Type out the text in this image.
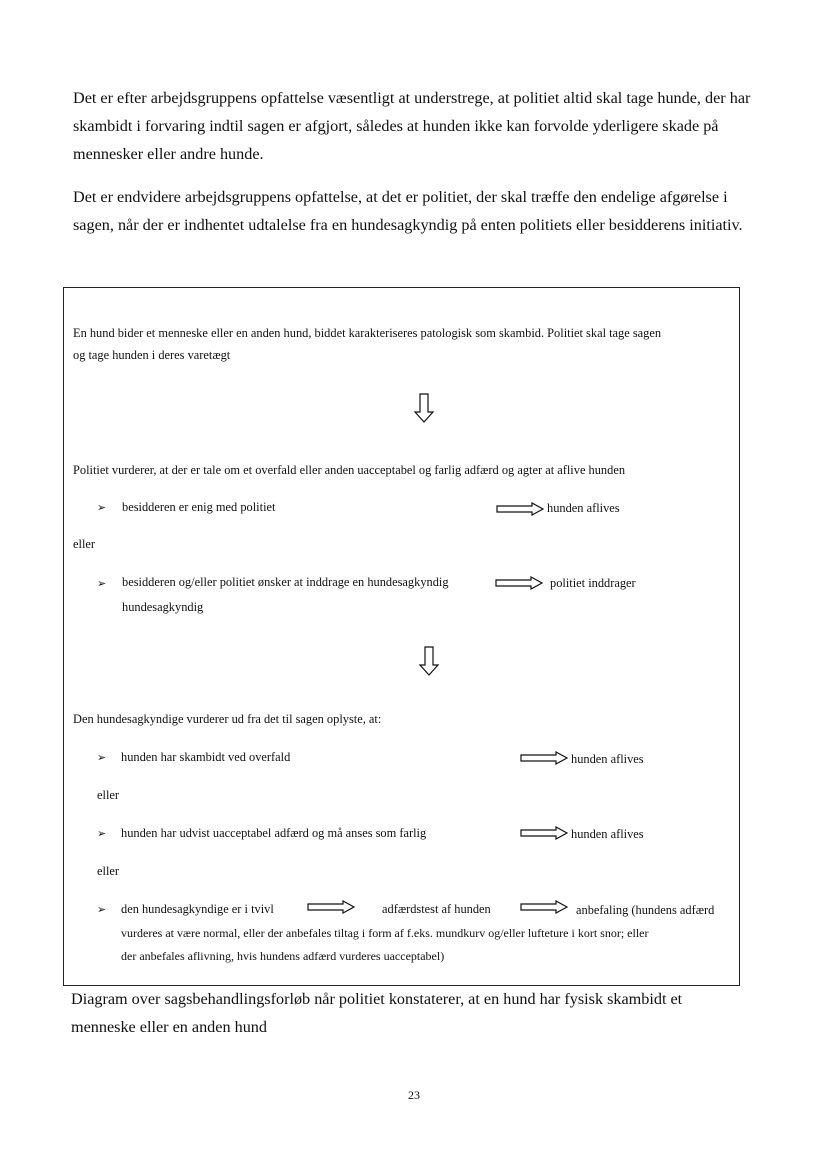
Det er efter arbejdsgruppens opfattelse væsentligt at understrege, at politiet altid skal tage hunde, der har skambidt i forvaring indtil sagen er afgjort, således at hunden ikke kan forvolde yderligere skade på mennesker eller andre hunde.

Det er endvidere arbejdsgruppens opfattelse, at det er politiet, der skal træffe den endelige afgørelse i sagen, når der er indhentet udtalelse fra en hundesagkyndig på enten politiets eller besidderens initiativ.

En hund bider et menneske eller en anden hund, biddet karakteriseres patologisk som skambid. Politiet skal tage sagen
og tage hunden i deres varetægt
Politiet vurderer, at der er tale om et overfald eller anden uacceptabel og farlig adfærd og agter at aflive hunden
➢ besidderen er enig med politiet	hunden aflives
eller
➢ besidderen og/eller politiet ønsker at inddrage en hundesagkyndig	politiet inddrager
hundesagkyndig
Den hundesagkyndige vurderer ud fra det til sagen oplyste, at:
➢ hunden har skambidt ved overfald	hunden aflives
eller
➢ hunden har udvist uacceptabel adfærd og må anses som farlig	hunden aflives
eller
➢ den hundesagkyndige er i tvivl	adfærdstest af hunden	anbefaling (hundens adfærd
vurderes at være normal, eller der anbefales tiltag i form af f.eks. mundkurv og/eller lufteture i kort snor; eller
der anbefales aflivning, hvis hundens adfærd vurderes uacceptabel)

Diagram over sagsbehandlingsforløb når politiet konstaterer, at en hund har fysisk skambidt et menneske eller en anden hund

23
